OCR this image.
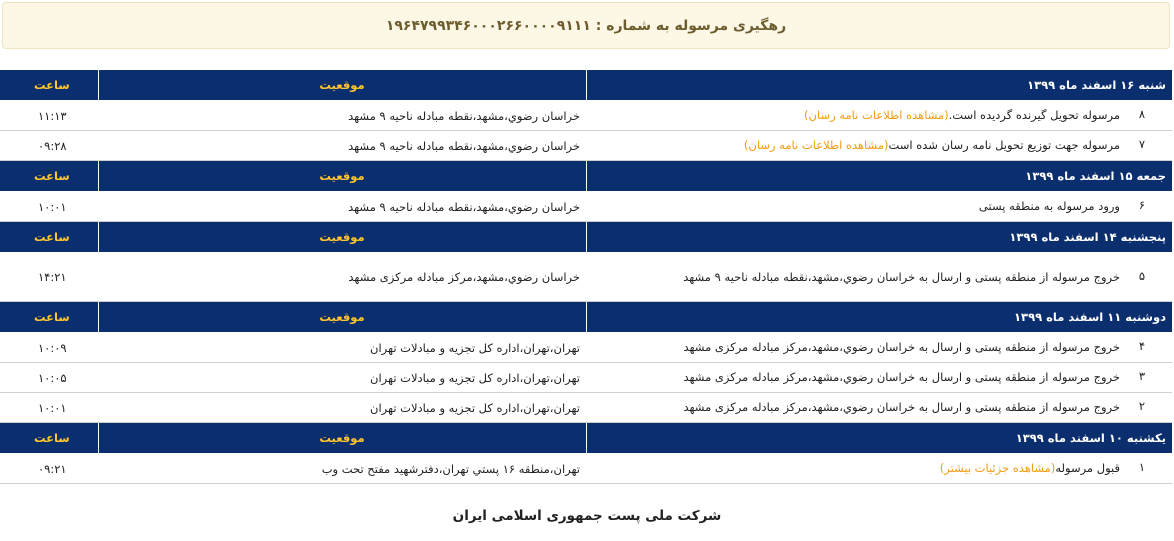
رهگیری مرسوله به شماره : ۱۹۶۴۷۹۹۳۴۶۰۰۰۲۶۶۰۰۰۰۹۱۱۱
شنبه ۱۶ اسفند ماه ۱۳۹۹	موقعیت	ساعت

۸
مرسوله تحویل گیرنده گردیده است.(مشاهده اطلاعات نامه رسان)	خراسان رضوي،مشهد،نقطه مبادله ناحيه ۹ مشهد	۱۱:۱۳

۷
مرسوله جهت توزیع تحویل نامه رسان شده است(مشاهده اطلاعات نامه رسان)	خراسان رضوي،مشهد،نقطه مبادله ناحيه ۹ مشهد	۰۹:۲۸
جمعه ۱۵ اسفند ماه ۱۳۹۹	موقعیت	ساعت

۶
ورود مرسوله به منطقه پستی	خراسان رضوي،مشهد،نقطه مبادله ناحيه ۹ مشهد	۱۰:۰۱
پنجشنبه ۱۴ اسفند ماه ۱۳۹۹	موقعیت	ساعت

۵
خروج مرسوله از منطقه پستی و ارسال به خراسان رضوي،مشهد،نقطه مبادله ناحيه ۹ مشهد	خراسان رضوي،مشهد،مرکز مبادله مرکزی مشهد	۱۴:۲۱
دوشنبه ۱۱ اسفند ماه ۱۳۹۹	موقعیت	ساعت

۴
خروج مرسوله از منطقه پستی و ارسال به خراسان رضوي،مشهد،مرکز مبادله مرکزی مشهد	تهران،تهران،اداره کل تجزيه و مبادلات تهران	۱۰:۰۹

۳
خروج مرسوله از منطقه پستی و ارسال به خراسان رضوي،مشهد،مرکز مبادله مرکزی مشهد	تهران،تهران،اداره کل تجزيه و مبادلات تهران	۱۰:۰۵

۲
خروج مرسوله از منطقه پستی و ارسال به خراسان رضوي،مشهد،مرکز مبادله مرکزی مشهد	تهران،تهران،اداره کل تجزيه و مبادلات تهران	۱۰:۰۱
يكشنبه ۱۰ اسفند ماه ۱۳۹۹	موقعیت	ساعت

۱
قبول مرسوله(مشاهده جزئیات بیشتر)	تهران،منطقه ۱۶ پستي تهران،دفترشهيد مفتح تحت وب	۰۹:۲۱
شرکت ملی پست جمهوری اسلامی ایران
